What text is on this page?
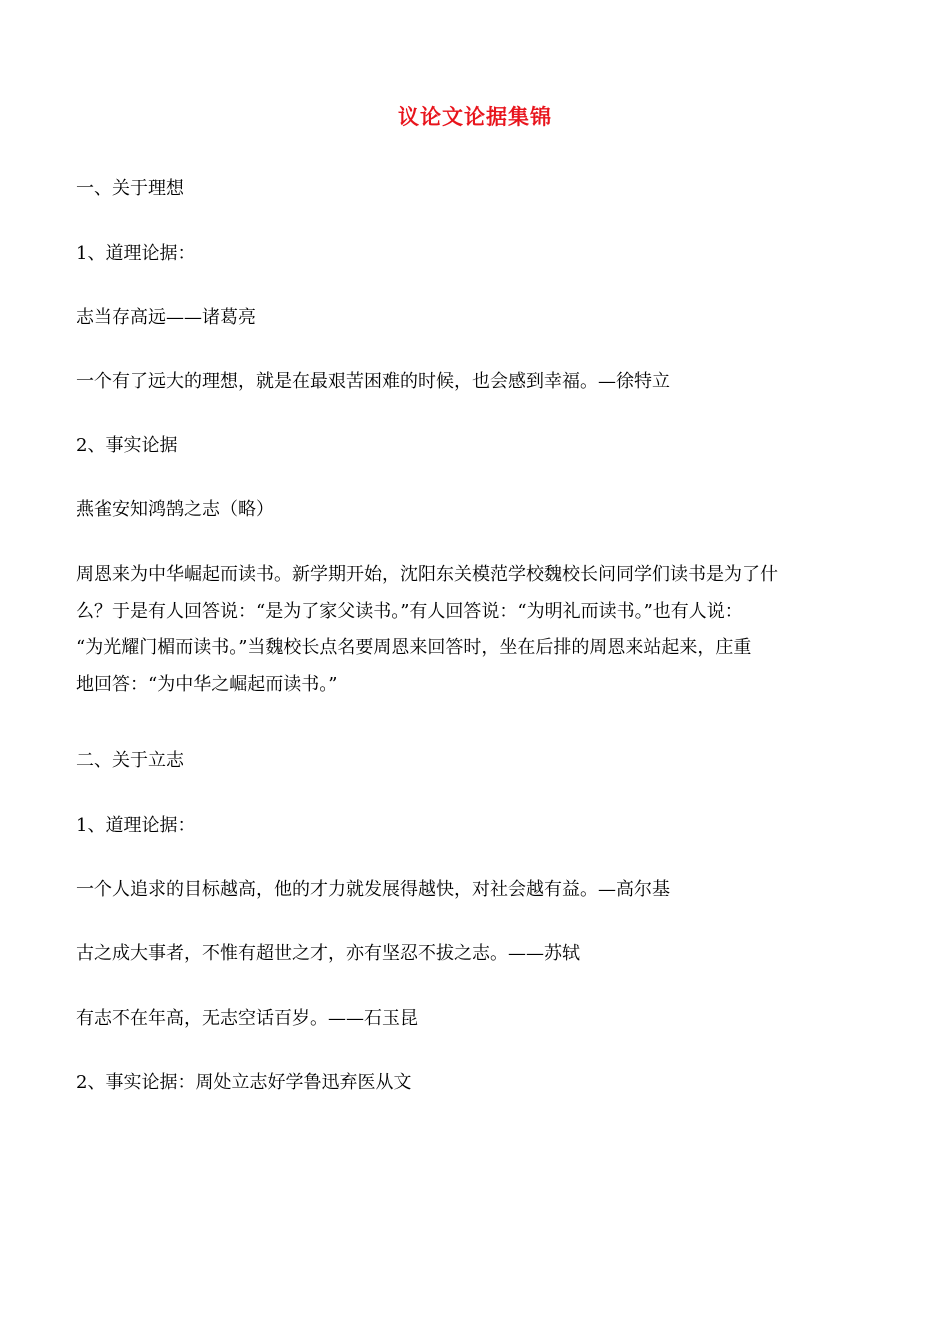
议论文论据集锦
一、关于理想
1、道理论据：
志当存高远——诸葛亮
一个有了远大的理想，就是在最艰苦困难的时候，也会感到幸福。—徐特立
2、事实论据
燕雀安知鸿鹄之志（略）
周恩来为中华崛起而读书。新学期开始，沈阳东关模范学校魏校长问同学们读书是为了什
么？于是有人回答说：“是为了家父读书。”有人回答说：“为明礼而读书。”也有人说：
“为光耀门楣而读书。”当魏校长点名要周恩来回答时，坐在后排的周恩来站起来，庄重
地回答：“为中华之崛起而读书。”
二、关于立志
1、道理论据：
一个人追求的目标越高，他的才力就发展得越快，对社会越有益。—高尔基
古之成大事者，不惟有超世之才，亦有坚忍不拔之志。——苏轼
有志不在年高，无志空话百岁。——石玉昆
2、事实论据：周处立志好学鲁迅弃医从文
